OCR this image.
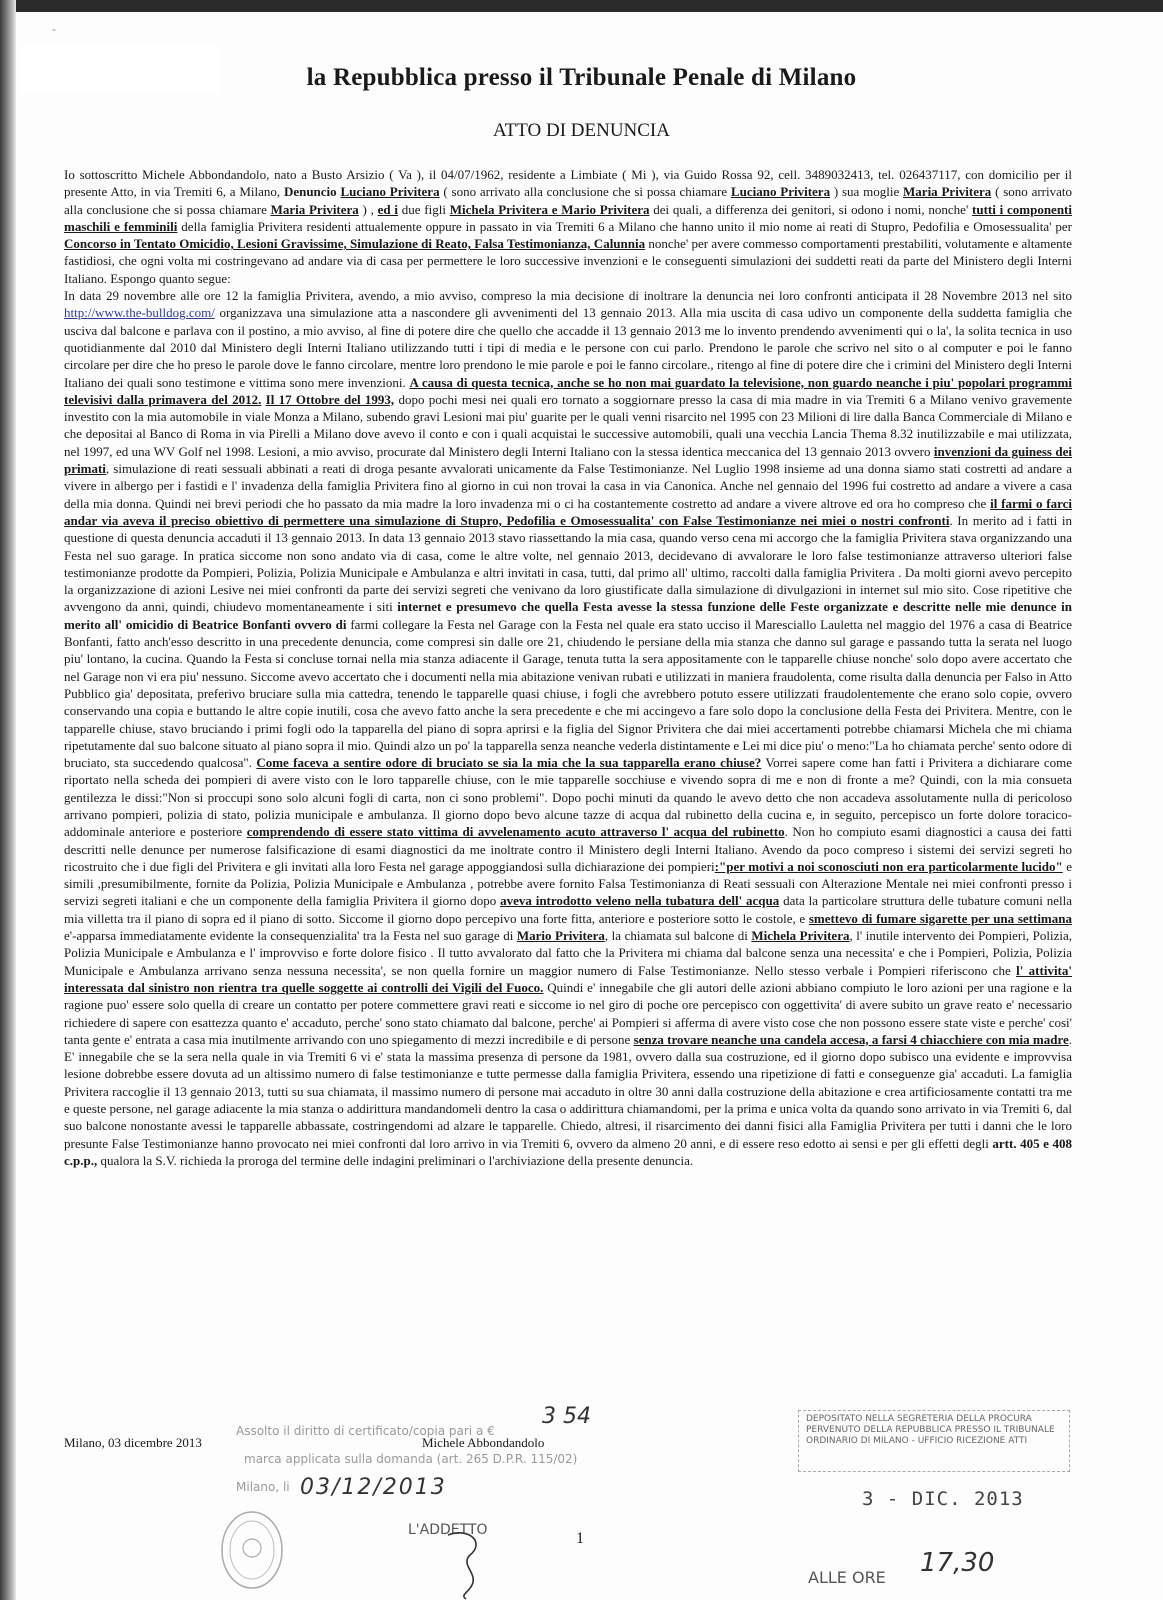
-
la Repubblica presso il Tribunale Penale di Milano
ATTO DI DENUNCIA

Io sottoscritto Michele Abbondandolo, nato a Busto Arsizio ( Va ), il 04/07/1962, residente a Limbiate ( Mi ), via Guido Rossa 92, cell. 3489032413, tel. 026437117, con domicilio per il presente Atto, in via Tremiti 6, a Milano, Denuncio Luciano Privitera ( sono arrivato alla conclusione che si possa chiamare Luciano Privitera ) sua moglie Maria Privitera ( sono arrivato alla conclusione che si possa chiamare Maria Privitera ) , ed i due figli Michela Privitera e Mario Privitera dei quali, a differenza dei genitori, si odono i nomi, nonche' tutti i componenti maschili e femminili della famiglia Privitera residenti attualemente oppure in passato in via Tremiti 6 a Milano che hanno unito il mio nome ai reati di Stupro, Pedofilia e Omosessualita' per Concorso in Tentato Omicidio, Lesioni Gravissime, Simulazione di Reato, Falsa Testimonianza, Calunnia nonche' per avere commesso comportamenti prestabiliti, volutamente e altamente fastidiosi, che ogni volta mi costringevano ad andare via di casa per permettere le loro successive invenzioni e le conseguenti simulazioni dei suddetti reati da parte del Ministero degli Interni Italiano. Espongo quanto segue:

In data 29 novembre alle ore 12 la famiglia Privitera, avendo, a mio avviso, compreso la mia decisione di inoltrare la denuncia nei loro confronti anticipata il 28 Novembre 2013 nel sito http://www.the-bulldog.com/ organizzava una simulazione atta a nascondere gli avvenimenti del 13 gennaio 2013. Alla mia uscita di casa udivo un componente della suddetta famiglia che usciva dal balcone e parlava con il postino, a mio avviso, al fine di potere dire che quello che accadde il 13 gennaio 2013 me lo invento prendendo avvenimenti qui o la', la solita tecnica in uso quotidianmente dal 2010 dal Ministero degli Interni Italiano utilizzando tutti i tipi di media e le persone con cui parlo. Prendono le parole che scrivo nel sito o al computer e poi le fanno circolare per dire che ho preso le parole dove le fanno circolare, mentre loro prendono le mie parole e poi le fanno circolare., ritengo al fine di potere dire che i crimini del Ministero degli Interni Italiano dei quali sono testimone e vittima sono mere invenzioni. A causa di questa tecnica, anche se ho non mai guardato la televisione, non guardo neanche i piu' popolari programmi televisivi dalla primavera del 2012. Il 17 Ottobre del 1993, dopo pochi mesi nei quali ero tornato a soggiornare presso la casa di mia madre in via Tremiti 6 a Milano venivo gravemente investito con la mia automobile in viale Monza a Milano, subendo gravi Lesioni mai piu' guarite per le quali venni risarcito nel 1995 con 23 Milioni di lire dalla Banca Commerciale di Milano e che depositai al Banco di Roma in via Pirelli a Milano dove avevo il conto e con i quali acquistai le successive automobili, quali una vecchia Lancia Thema 8.32 inutilizzabile e mai utilizzata, nel 1997, ed una WV Golf nel 1998. Lesioni, a mio avviso, procurate dal Ministero degli Interni Italiano con la stessa identica meccanica del 13 gennaio 2013 ovvero invenzioni da guiness dei primati, simulazione di reati sessuali abbinati a reati di droga pesante avvalorati unicamente da False Testimonianze. Nel Luglio 1998 insieme ad una donna siamo stati costretti ad andare a vivere in albergo per i fastidi e l' invadenza della famiglia Privitera fino al giorno in cui non trovai la casa in via Canonica. Anche nel gennaio del 1996 fui costretto ad andare a vivere a casa della mia donna. Quindi nei brevi periodi che ho passato da mia madre la loro invadenza mi o ci ha costantemente costretto ad andare a vivere altrove ed ora ho compreso che il farmi o farci andar via aveva il preciso obiettivo di permettere una simulazione di Stupro, Pedofilia e Omosessualita' con False Testimonianze nei miei o nostri confronti. In merito ad i fatti in questione di questa denuncia accaduti il 13 gennaio 2013. In data 13 gennaio 2013 stavo riassettando la mia casa, quando verso cena mi accorgo che la famiglia Privitera stava organizzando una Festa nel suo garage. In pratica siccome non sono andato via di casa, come le altre volte, nel gennaio 2013, decidevano di avvalorare le loro false testimonianze attraverso ulteriori false testimonianze prodotte da Pompieri, Polizia, Polizia Municipale e Ambulanza e altri invitati in casa, tutti, dal primo all' ultimo, raccolti dalla famiglia Privitera . Da molti giorni avevo percepito la organizzazione di azioni Lesive nei miei confronti da parte dei servizi segreti che venivano da loro giustificate dalla simulazione di divulgazioni in internet sul mio sito. Cose ripetitive che avvengono da anni, quindi, chiudevo momentaneamente i siti internet e presumevo che quella Festa avesse la stessa funzione delle Feste organizzate e descritte nelle mie denunce in merito all' omicidio di Beatrice Bonfanti ovvero di farmi collegare la Festa nel Garage con la Festa nel quale era stato ucciso il Maresciallo Lauletta nel maggio del 1976 a casa di Beatrice Bonfanti, fatto anch'esso descritto in una precedente denuncia, come compresi sin dalle ore 21, chiudendo le persiane della mia stanza che danno sul garage e passando tutta la serata nel luogo piu' lontano, la cucina. Quando la Festa si concluse tornai nella mia stanza adiacente il Garage, tenuta tutta la sera appositamente con le tapparelle chiuse nonche' solo dopo avere accertato che nel Garage non vi era piu' nessuno. Siccome avevo accertato che i documenti nella mia abitazione venivan rubati e utilizzati in maniera fraudolenta, come risulta dalla denuncia per Falso in Atto Pubblico gia' depositata, preferivo bruciare sulla mia cattedra, tenendo le tapparelle quasi chiuse, i fogli che avrebbero potuto essere utilizzati fraudolentemente che erano solo copie, ovvero conservando una copia e buttando le altre copie inutili, cosa che avevo fatto anche la sera precedente e che mi accingevo a fare solo dopo la conclusione della Festa dei Privitera. Mentre, con le tapparelle chiuse, stavo bruciando i primi fogli odo la tapparella del piano di sopra aprirsi e la figlia del Signor Privitera che dai miei accertamenti potrebbe chiamarsi Michela che mi chiama ripetutamente dal suo balcone situato al piano sopra il mio. Quindi alzo un po' la tapparella senza neanche vederla distintamente e Lei mi dice piu' o meno:"La ho chiamata perche' sento odore di bruciato, sta succedendo qualcosa". Come faceva a sentire odore di bruciato se sia la mia che la sua tapparella erano chiuse? Vorrei sapere come han fatti i Privitera a dichiarare come riportato nella scheda dei pompieri di avere visto con le loro tapparelle chiuse, con le mie tapparelle socchiuse e vivendo sopra di me e non di fronte a me? Quindi, con la mia consueta gentilezza le dissi:"Non si proccupi sono solo alcuni fogli di carta, non ci sono problemi". Dopo pochi minuti da quando le avevo detto che non accadeva assolutamente nulla di pericoloso arrivano pompieri, polizia di stato, polizia municipale e ambulanza. Il giorno dopo bevo alcune tazze di acqua dal rubinetto della cucina e, in seguito, percepisco un forte dolore toracico-addominale anteriore e posteriore comprendendo di essere stato vittima di avvelenamento acuto attraverso l' acqua del rubinetto. Non ho compiuto esami diagnostici a causa dei fatti descritti nelle denunce per numerose falsificazione di esami diagnostici da me inoltrate contro il Ministero degli Interni Italiano. Avendo da poco compreso i sistemi dei servizi segreti ho ricostruito che i due figli del Privitera e gli invitati alla loro Festa nel garage appoggiandosi sulla dichiarazione dei pompieri:"per motivi a noi sconosciuti non era particolarmente lucido" e simili ,presumibilmente, fornite da Polizia, Polizia Municipale e Ambulanza , potrebbe avere fornito Falsa Testimonianza di Reati sessuali con Alterazione Mentale nei miei confronti presso i servizi segreti italiani e che un componente della famiglia Privitera il giorno dopo aveva introdotto veleno nella tubatura dell' acqua data la particolare struttura delle tubature comuni nella mia villetta tra il piano di sopra ed il piano di sotto. Siccome il giorno dopo percepivo una forte fitta, anteriore e posteriore sotto le costole, e smettevo di fumare sigarette per una settimana e'-apparsa immediatamente evidente la consequenzialita' tra la Festa nel suo garage di Mario Privitera, la chiamata sul balcone di Michela Privitera, l' inutile intervento dei Pompieri, Polizia, Polizia Municipale e Ambulanza e l' improvviso e forte dolore fisico . Il tutto avvalorato dal fatto che la Privitera mi chiama dal balcone senza una necessita' e che i Pompieri, Polizia, Polizia Municipale e Ambulanza arrivano senza nessuna necessita', se non quella fornire un maggior numero di False Testimonianze. Nello stesso verbale i Pompieri riferiscono che l' attivita' interessata dal sinistro non rientra tra quelle soggette ai controlli dei Vigili del Fuoco. Quindi e' innegabile che gli autori delle azioni abbiano compiuto le loro azioni per una ragione e la ragione puo' essere solo quella di creare un contatto per potere commettere gravi reati e siccome io nel giro di poche ore percepisco con oggettivita' di avere subito un grave reato e' necessario richiedere di sapere con esattezza quanto e' accaduto, perche' sono stato chiamato dal balcone, perche' ai Pompieri si afferma di avere visto cose che non possono essere state viste e perche' cosi' tanta gente e' entrata a casa mia inutilmente arrivando con uno spiegamento di mezzi incredibile e di persone senza trovare neanche una candela accesa, a farsi 4 chiacchiere con mia madre. E' innegabile che se la sera nella quale in via Tremiti 6 vi e' stata la massima presenza di persone da 1981, ovvero dalla sua costruzione, ed il giorno dopo subisco una evidente e improvvisa lesione dobrebbe essere dovuta ad un altissimo numero di false testimonianze e tutte permesse dalla famiglia Privitera, essendo una ripetizione di fatti e conseguenze gia' accaduti. La famiglia Privitera raccoglie il 13 gennaio 2013, tutti su sua chiamata, il massimo numero di persone mai accaduto in oltre 30 anni dalla costruzione della abitazione e crea artificiosamente contatti tra me e queste persone, nel garage adiacente la mia stanza o addirittura mandandomeli dentro la casa o addirittura chiamandomi, per la prima e unica volta da quando sono arrivato in via Tremiti 6, dal suo balcone nonostante avessi le tapparelle abbassate, costringendomi ad alzare le tapparelle. Chiedo, altresi, il risarcimento dei danni fisici alla Famiglia Privitera per tutti i danni che le loro presunte False Testimonianze hanno provocato nei miei confronti dal loro arrivo in via Tremiti 6, ovvero da almeno 20 anni, e di essere reso edotto ai sensi e per gli effetti degli artt. 405 e 408 c.p.p., qualora la S.V. richieda la proroga del termine delle indagini preliminari o l'archiviazione della presente denuncia.

Milano, 03 dicembre 2013	Michele Abbondandolo
3 54
Assolto il diritto di certificato/copia pari a €
marca applicata sulla domanda (art. 265 D.P.R. 115/02)
Milano, li 03/12/2013
DEPOSITATO NELLA SEGRETERIA DELLA PROCURA PERVENUTO DELLA REPUBBLICA PRESSO IL TRIBUNALE ORDINARIO DI MILANO - UFFICIO RICEZIONE ATTI
3 - DIC. 2013
L'ADDETTO	1
ALLE ORE 17,30
